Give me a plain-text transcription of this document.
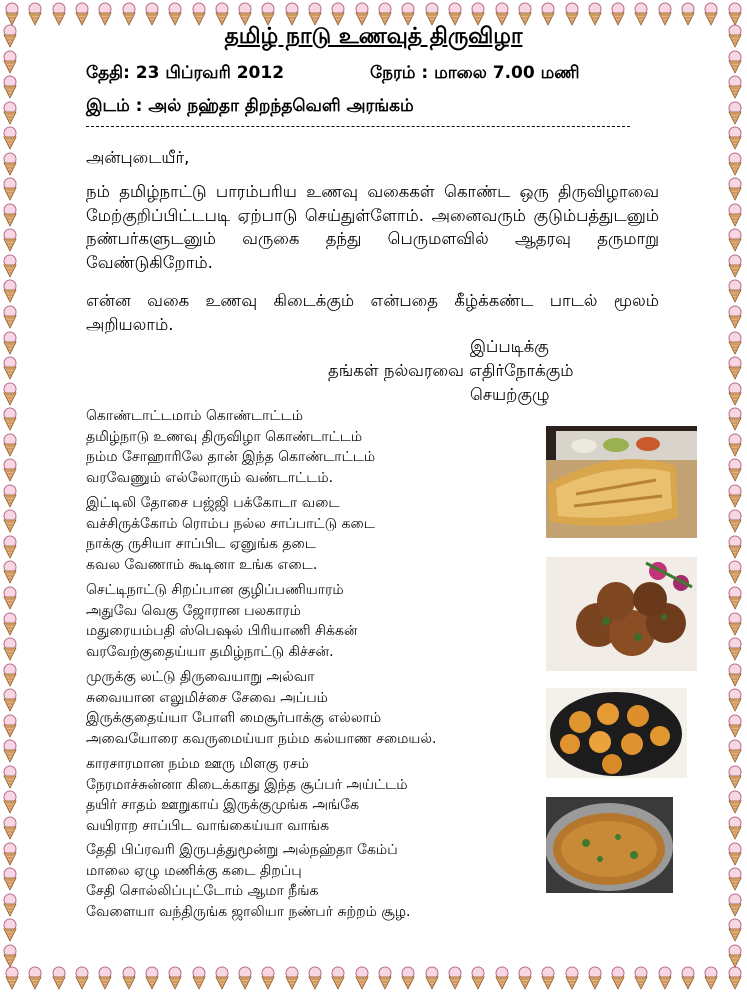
தமிழ் நாடு உணவுத் திருவிழா
தேதி: 23 பிப்ரவரி 2012	நேரம் : மாலை 7.00 மணி
இடம் : அல் நஹ்தா திறந்தவெளி அரங்கம்
அன்புடையீர்,
நம் தமிழ்நாட்டு பாரம்பரிய உணவு வகைகள் கொண்ட ஒரு திருவிழாவை மேற்குறிப்பிட்டபடி ஏற்பாடு செய்துள்ளோம். அனைவரும் குடும்பத்துடனும் நண்பர்களுடனும் வருகை தந்து பெருமளவில் ஆதரவு தருமாறு வேண்டுகிறோம்.
என்ன வகை உணவு கிடைக்கும் என்பதை கீழ்க்கண்ட பாடல் மூலம் அறியலாம்.
இப்படிக்கு
தங்கள் நல்வரவை எதிர்நோக்கும்
செயற்குழு
கொண்டாட்டமாம் கொண்டாட்டம்
தமிழ்நாடு உணவு திருவிழா கொண்டாட்டம்
நம்ம சோஹாரிலே தான் இந்த கொண்டாட்டம்
வரவேணும் எல்லோரும் வண்டாட்டம்.
இட்டிலி தோசை பஜ்ஜி பக்கோடா வடை
வச்சிருக்கோம் ரொம்ப நல்ல சாப்பாட்டு கடை
நாக்கு ருசியா சாப்பிட ஏனுங்க தடை
கவல வேணாம் கூடினா உங்க எடை.
செட்டிநாட்டு சிறப்பான குழிப்பணியாரம்
அதுவே வெகு ஜோரான பலகாரம்
மதுரையம்பதி ஸ்பெஷல் பிரியாணி சிக்கன்
வரவேற்குதைய்யா தமிழ்நாட்டு கிச்சன்.
முருக்கு லட்டு திருவையாறு அல்வா
சுவையான எலுமிச்சை சேவை அப்பம்
இருக்குதைய்யா போளி மைசூர்பாக்கு எல்லாம்
அவையோரை கவருமைய்யா நம்ம கல்யாண சமையல்.
காரசாரமான நம்ம ஊரு மிளகு ரசம்
நேரமாச்சுன்னா கிடைக்காது இந்த சூப்பர் அய்ட்டம்
தயிர் சாதம் ஊறுகாய் இருக்குமுங்க அங்கே
வயிராற சாப்பிட வாங்கைய்யா வாங்க
தேதி பிப்ரவரி இருபத்துமூன்று அல்நஹ்தா கேம்ப்
மாலை ஏழு மணிக்கு கடை திறப்பு
சேதி சொல்லிப்புட்டோம் ஆமா நீங்க
வேளையா வந்திருங்க ஜாலியா நண்பர் சுற்றம் சூழ.
